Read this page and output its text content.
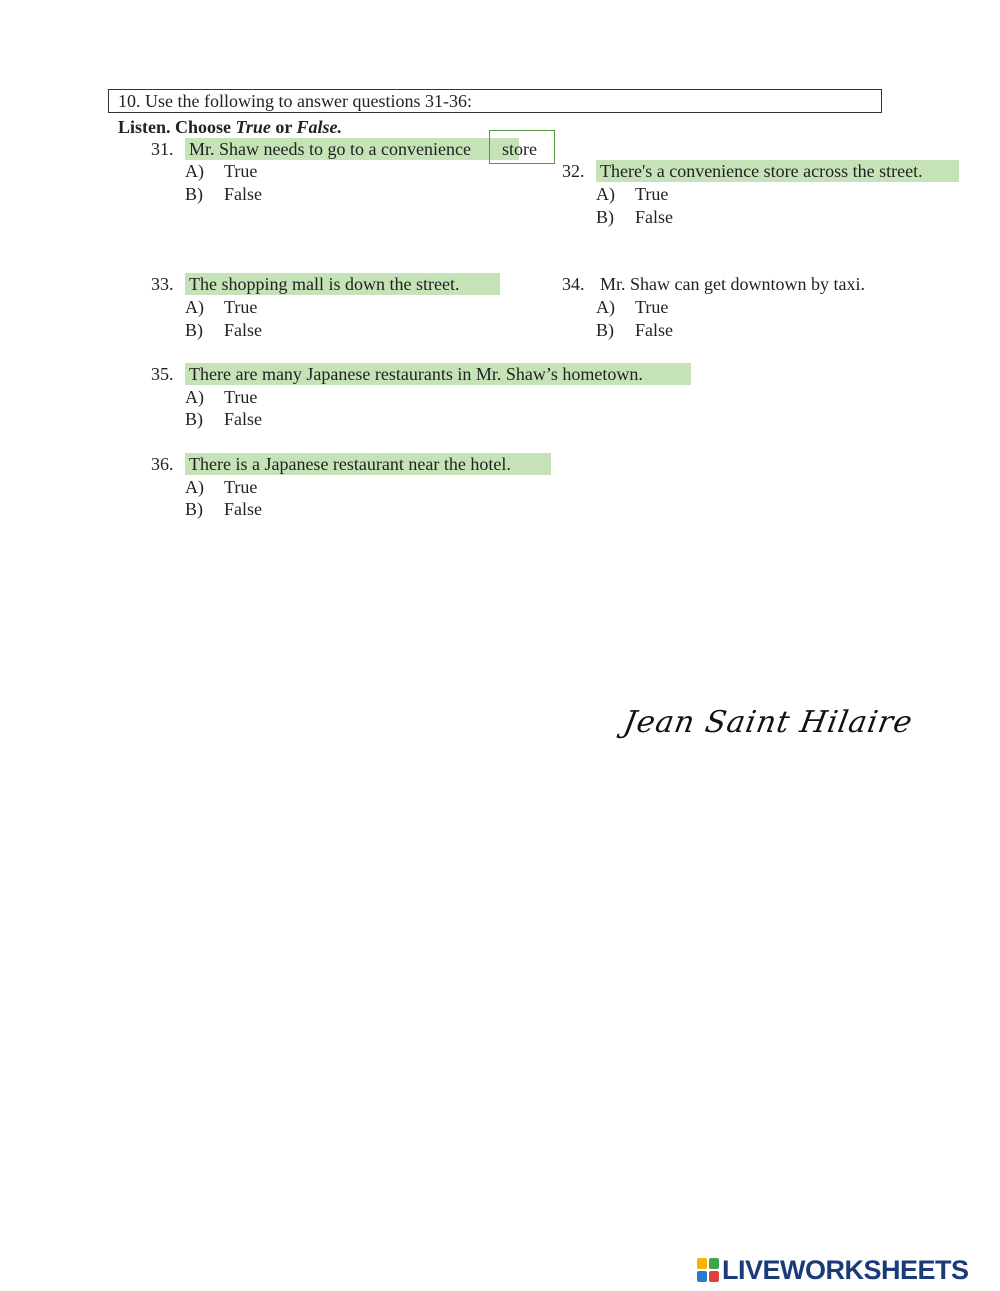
10. Use the following to answer questions 31-36:
Listen. Choose True or False.
31. Mr. Shaw needs to go to a convenience	store
A) True
B) False
32. There's a convenience store across the street.
A) True
B) False
33. The shopping mall is down the street.
A) True
B) False
34. Mr. Shaw can get downtown by taxi.
A) True
B) False
35. There are many Japanese restaurants in Mr. Shaw’s hometown.
A) True
B) False
36. There is a Japanese restaurant near the hotel.
A) True
B) False
Jean Saint Hilaire
LIVEWORKSHEETS
